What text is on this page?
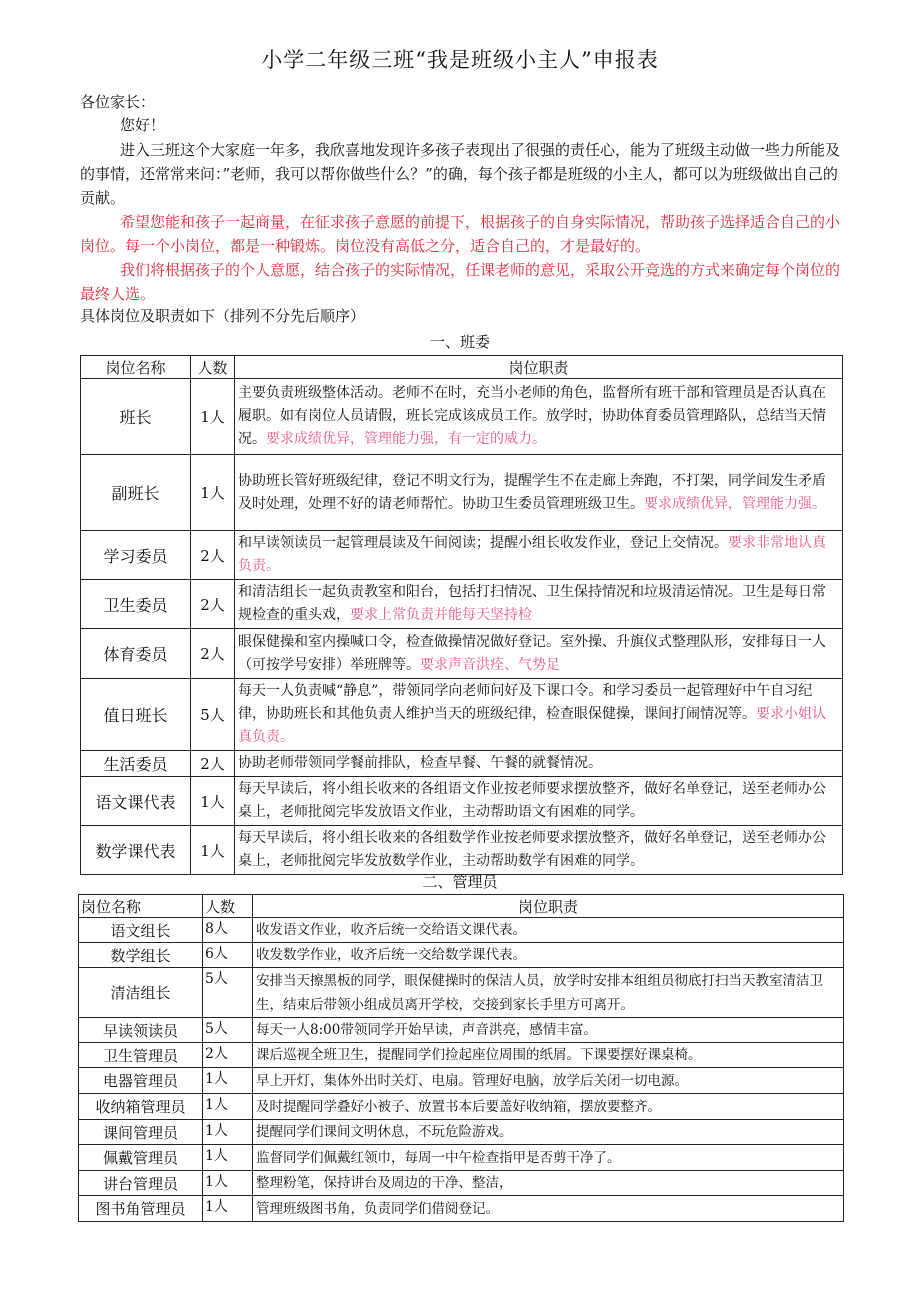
小学二年级三班“我是班级小主人”申报表
各位家长：
您好！
进入三班这个大家庭一年多，我欣喜地发现许多孩子表现出了很强的责任心，能为了班级主动做一些力所能及的事情，还常常来问：”老师，我可以帮你做些什么？”的确，每个孩子都是班级的小主人，都可以为班级做出自己的贡献。
希望您能和孩子一起商量，在征求孩子意愿的前提下，根据孩子的自身实际情况，帮助孩子选择适合自己的小岗位。每一个小岗位，都是一种锻炼。岗位没有高低之分，适合自己的，才是最好的。
我们将根据孩子的个人意愿，结合孩子的实际情况，任课老师的意见，采取公开竞选的方式来确定每个岗位的最终人选。
具体岗位及职责如下（排列不分先后顺序）
一、班委
岗位名称	人数	岗位职责
班长	1人	主要负责班级整体活动。老师不在时，充当小老师的角色，监督所有班干部和管理员是否认真在履职。如有岗位人员请假，班长完成该成员工作。放学时，协助体育委员管理路队，总结当天情况。要求成绩优异，管理能力强，有一定的威力。
副班长	1人	协助班长管好班级纪律，登记不明文行为，提醒学生不在走廊上奔跑，不打架，同学间发生矛盾及时处理，处理不好的请老师帮忙。协助卫生委员管理班级卫生。要求成绩优异，管理能力强。
学习委员	2人	和早读领读员一起管理晨读及午间阅读；提醒小组长收发作业，登记上交情况。要求非常地认真负责。
卫生委员	2人	和清洁组长一起负责教室和阳台，包括打扫情况、卫生保持情况和垃圾清运情况。卫生是每日常规检查的重头戏，要求上常负责并能每天坚持检
体育委员	2人	眼保健操和室内操喊口令，检查做操情况做好登记。室外操、升旗仪式整理队形，安排每日一人（可按学号安排）举班牌等。要求声音洪痊、气势足
值日班长	5人	每天一人负责喊“静息”，带领同学向老师问好及下课口令。和学习委员一起管理好中午自习纪律，协助班长和其他负责人维护当天的班级纪律，检查眼保健操，课间打闹情况等。要求小姐认真负责。
生活委员	2人	协助老师带领同学餐前排队，检查早餐、午餐的就餐情况。
语文课代表	1人	每天早读后，将小组长收来的各组语文作业按老师要求摆放整齐，做好名单登记，送至老师办公桌上，老师批阅完毕发放语文作业，主动帮助语文有困难的同学。
数学课代表	1人	每天早读后，将小组长收来的各组数学作业按老师要求摆放整齐，做好名单登记，送至老师办公桌上，老师批阅完毕发放数学作业，主动帮助数学有困难的同学。
二、管理员
岗位名称	人数	岗位职责
语文组长	8人	收发语文作业，收齐后统一交给语文课代表。
数学组长	6人	收发数学作业，收齐后统一交给数学课代表。
清洁组长	5人	安排当天擦黑板的同学，眼保健操时的保洁人员，放学时安排本组组员彻底打扫当天教室清洁卫生，结束后带领小组成员离开学校，交接到家长手里方可离开。
早读领读员	5人	每天一人8:00带领同学开始早读，声音洪亮，感情丰富。
卫生管理员	2人	课后巡视全班卫生，提醒同学们捡起座位周围的纸屑。下课要摆好课桌椅。
电器管理员	1人	早上开灯，集体外出时关灯、电扇。管理好电脑，放学后关闭一切电源。
收纳箱管理员	1人	及时提醒同学叠好小被子、放置书本后要盖好收纳箱，摆放要整齐。
课间管理员	1人	提醒同学们课间文明休息，不玩危险游戏。
佩戴管理员	1人	监督同学们佩戴红领巾，每周一中午检查指甲是否剪干净了。
讲台管理员	1人	整理粉笔，保持讲台及周边的干净、整洁，
图书角管理员	1人	管理班级图书角，负责同学们借阅登记。
